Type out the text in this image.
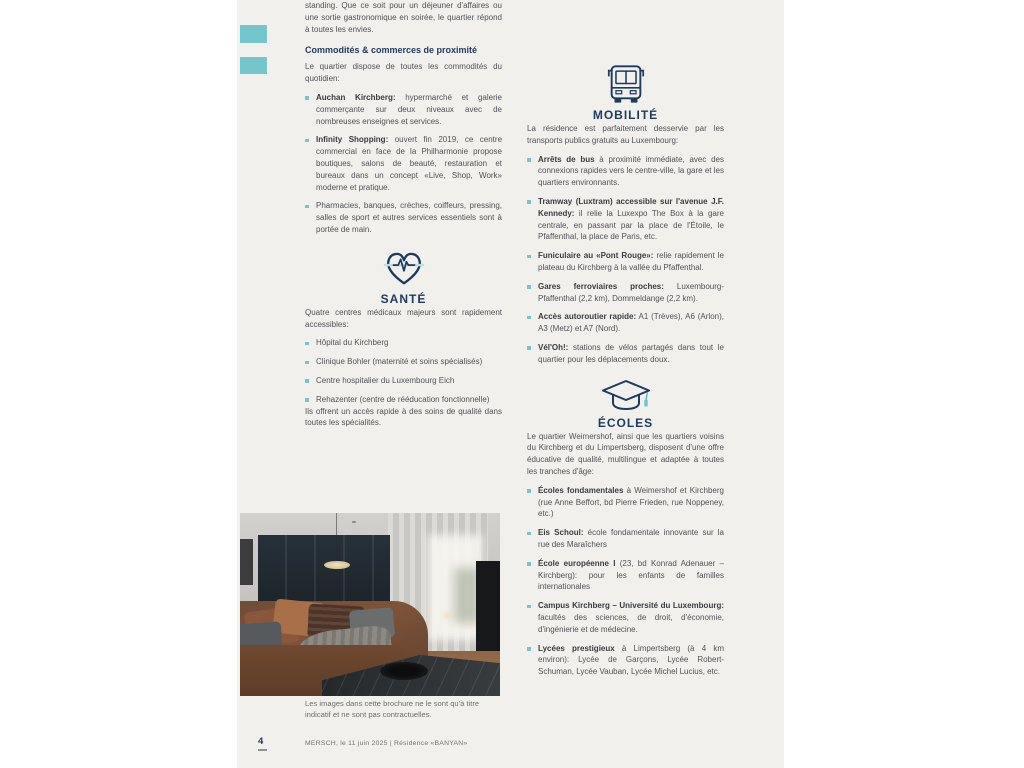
standing. Que ce soit pour un déjeuner d'affaires ou une sortie gastronomique en soirée, le quartier répond à toutes les envies.

Commodités & commerces de proximité

Le quartier dispose de toutes les commodités du quotidien:

Auchan Kirchberg: hypermarché et galerie commerçante sur deux niveaux avec de nombreuses enseignes et services.

Infinity Shopping: ouvert fin 2019, ce centre commercial en face de la Philharmonie propose boutiques, salons de beauté, restauration et bureaux dans un concept «Live, Shop, Work» moderne et pratique.

Pharmacies, banques, crèches, coiffeurs, pressing, salles de sport et autres services essentiels sont à portée de main.

SANTÉ

Quatre centres médicaux majeurs sont rapidement accessibles:

Hôpital du Kirchberg

Clinique Bohler (maternité et soins spécialisés)

Centre hospitalier du Luxembourg Eich

Rehazenter (centre de rééducation fonctionnelle)

Ils offrent un accès rapide à des soins de qualité dans toutes les spécialités.

Les images dans cette brochure ne le sont qu'à titre indicatif et ne sont pas contractuelles.
MOBILITÉ

La résidence est parfaitement desservie par les transports publics gratuits au Luxembourg:

Arrêts de bus à proximité immédiate, avec des connexions rapides vers le centre-ville, la gare et les quartiers environnants.

Tramway (Luxtram) accessible sur l'avenue J.F. Kennedy: il relie la Luxexpo The Box à la gare centrale, en passant par la place de l'Étoile, le Pfaffenthal, la place de Paris, etc.

Funiculaire au «Pont Rouge»: relie rapidement le plateau du Kirchberg à la vallée du Pfaffenthal.

Gares ferroviaires proches: Luxembourg-Pfaffenthal (2,2 km), Dommeldange (2,2 km).

Accès autoroutier rapide: A1 (Trèves), A6 (Arlon), A3 (Metz) et A7 (Nord).

Vél'Oh!: stations de vélos partagés dans tout le quartier pour les déplacements doux.

ÉCOLES

Le quartier Weimershof, ainsi que les quartiers voisins du Kirchberg et du Limpertsberg, disposent d'une offre éducative de qualité, multilingue et adaptée à toutes les tranches d'âge:

Écoles fondamentales à Weimershof et Kirchberg (rue Anne Beffort, bd Pierre Frieden, rue Noppeney, etc.)

Eis Schoul: école fondamentale innovante sur la rue des Maraîchers

École européenne I (23, bd Konrad Adenauer – Kirchberg): pour les enfants de familles internationales

Campus Kirchberg – Université du Luxembourg: facultés des sciences, de droit, d'économie, d'ingénierie et de médecine.

Lycées prestigieux à Limpertsberg (à 4 km environ): Lycée de Garçons, Lycée Robert-Schuman, Lycée Vauban, Lycée Michel Lucius, etc.

4	MERSCH, le 11 juin 2025 | Résidence «BANYAN»
